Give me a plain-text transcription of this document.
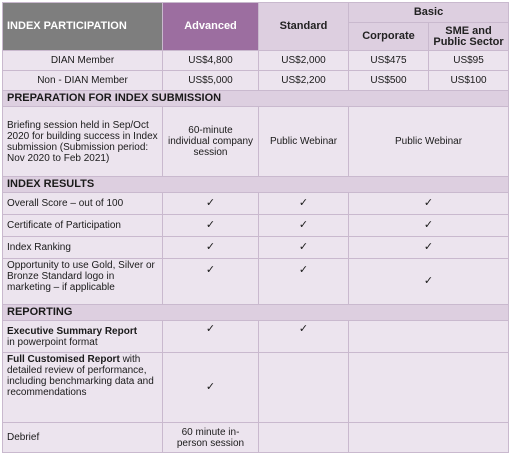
INDEX PARTICIPATION	Advanced	Standard	Basic	
			Corporate	SME and Public Sector
DIAN Member	US$4,800	US$2,000	US$475	US$95
Non - DIAN Member	US$5,000	US$2,200	US$500	US$100
PREPARATION FOR INDEX SUBMISSION				
Briefing session held in Sep/Oct 2020 for building success in Index submission (Submission period: Nov 2020 to Feb 2021)	60-minute individual company session	Public Webinar	Public Webinar	
INDEX RESULTS				
Overall Score – out of 100	✓	✓	✓	
Certificate of Participation	✓	✓	✓	
Index Ranking	✓	✓	✓	
Opportunity to use Gold, Silver or Bronze Standard logo in marketing – if applicable	✓	✓	✓	
REPORTING				
Executive Summary Report
in powerpoint format	✓	✓		
Full Customised Report with detailed review of performance, including benchmarking data and recommendations	✓			
Debrief	60 minute in-person session			
